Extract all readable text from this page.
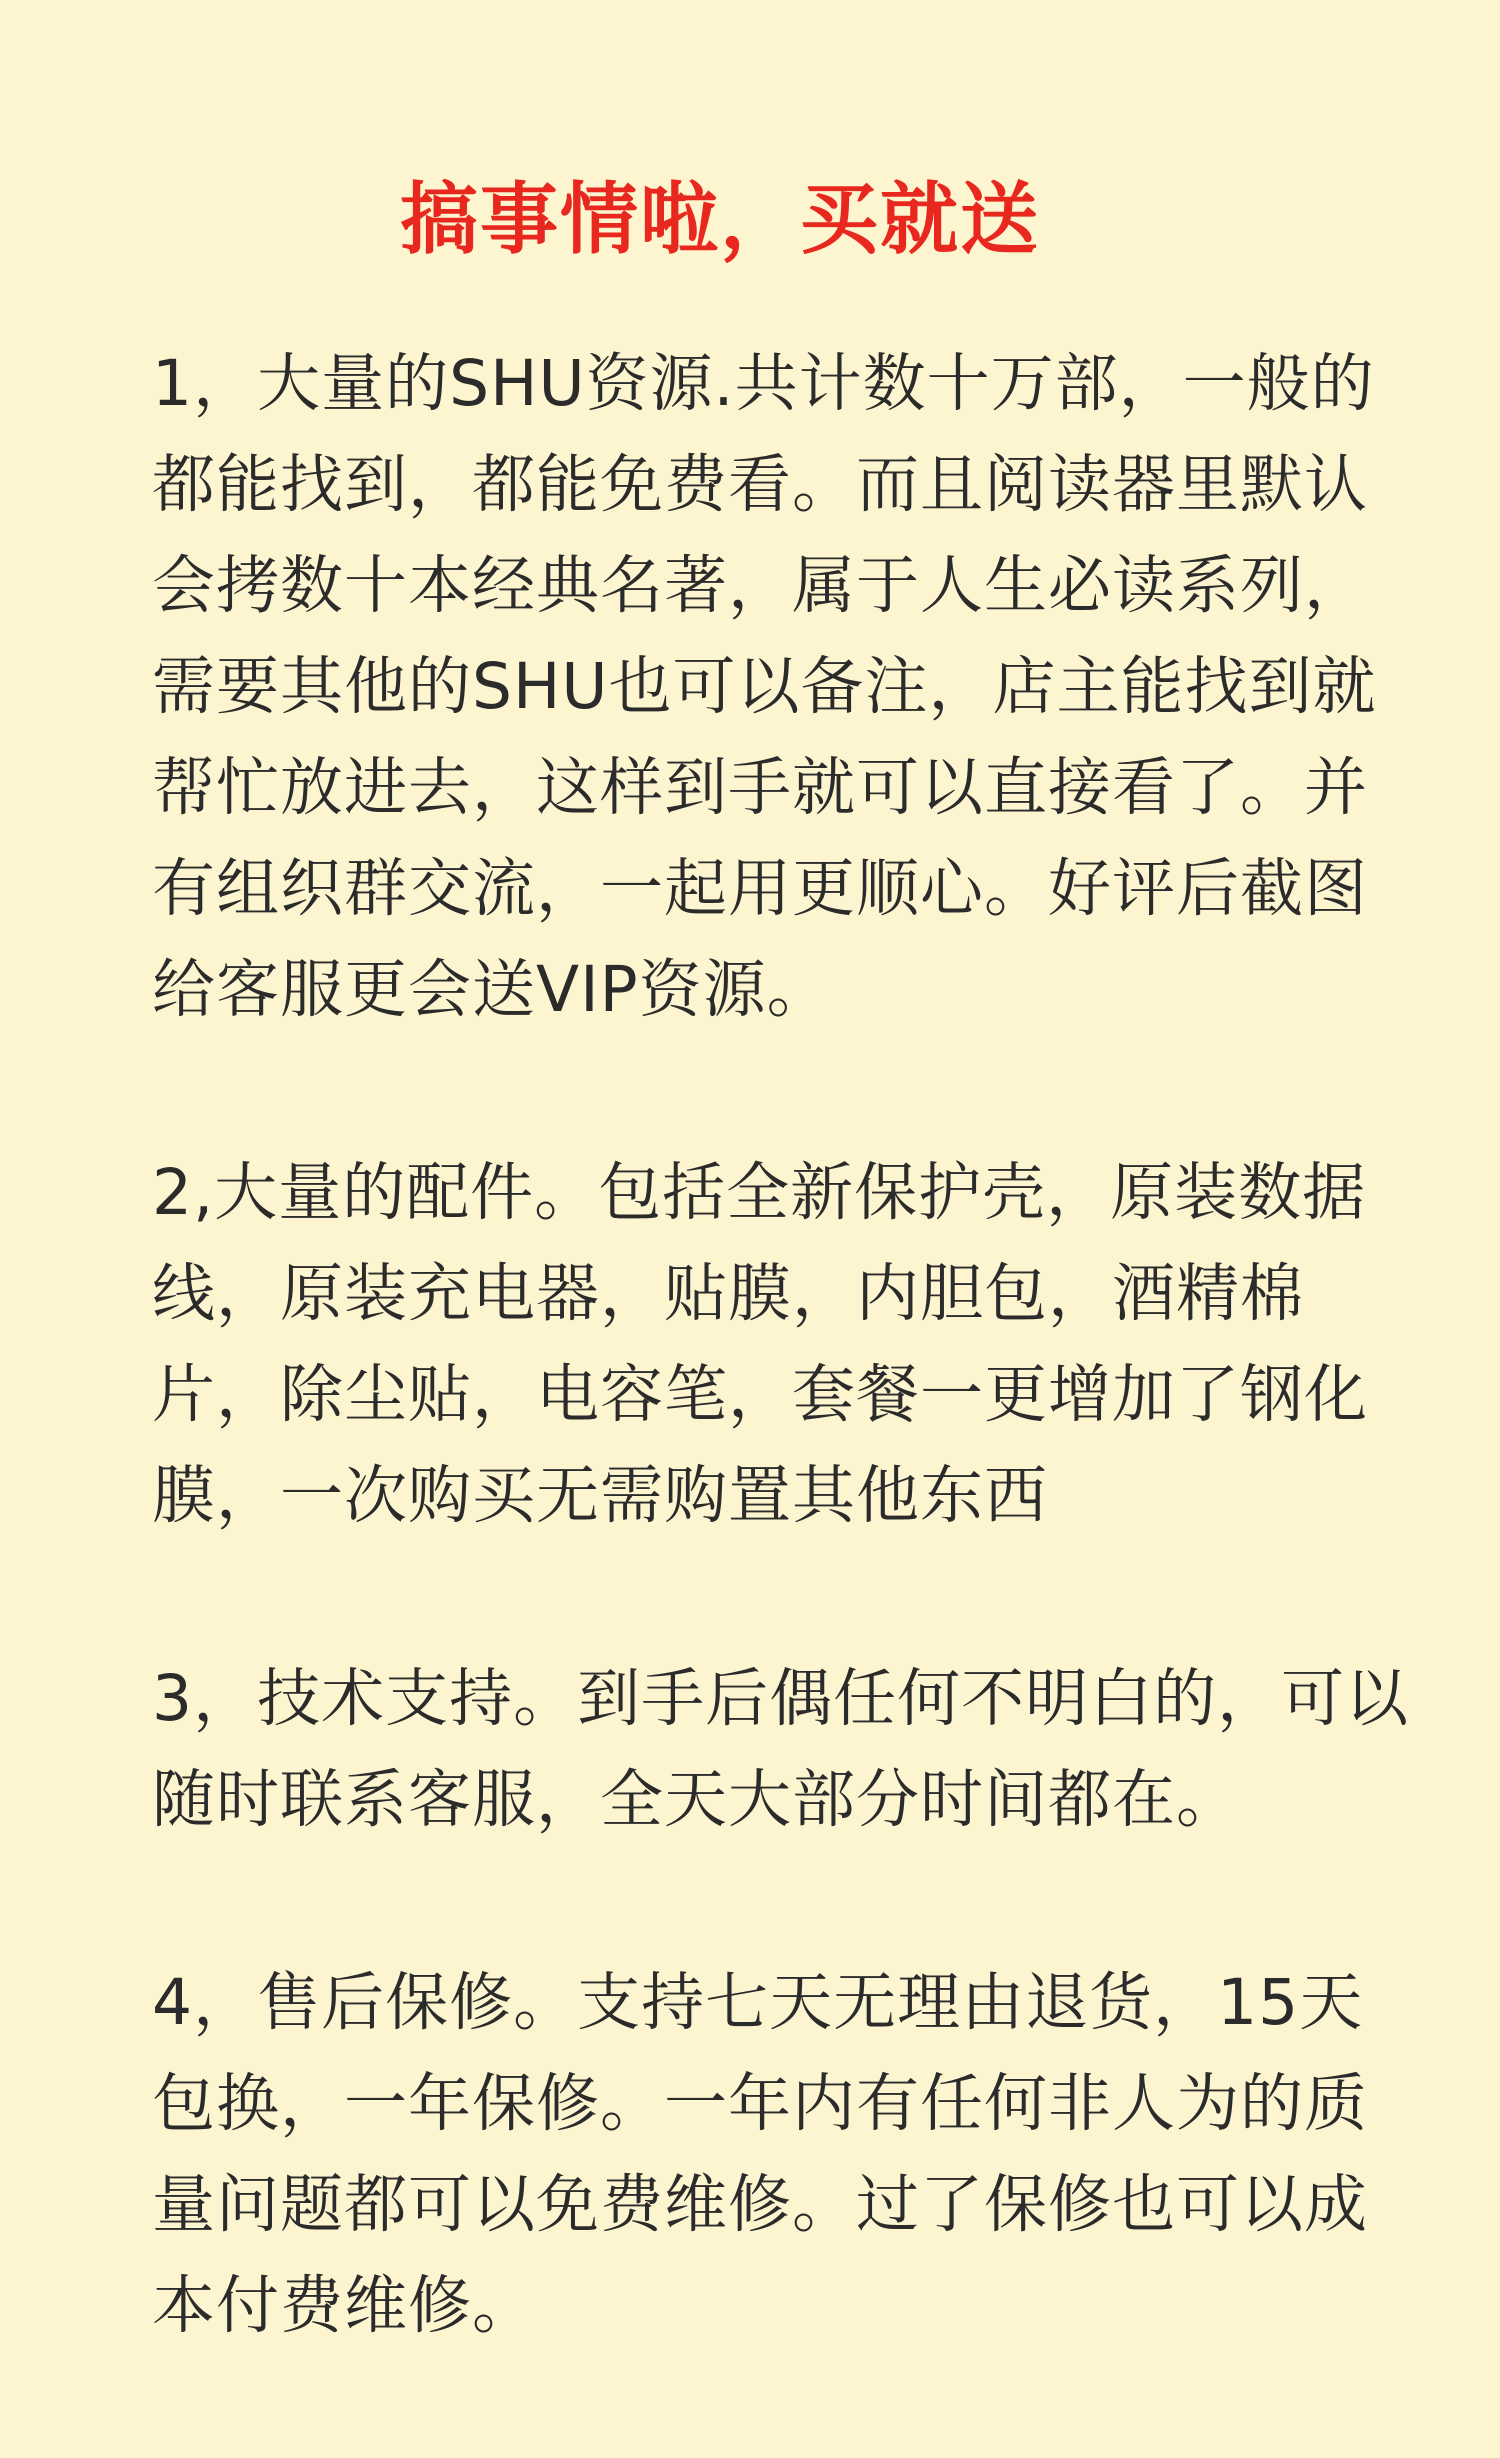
搞事情啦，买就送

1，大量的SHU资源.共计数十万部，一般的都能找到，都能免费看。而且阅读器里默认会拷数十本经典名著，属于人生必读系列，需要其他的SHU也可以备注，店主能找到就帮忙放进去，这样到手就可以直接看了。并有组织群交流，一起用更顺心。好评后截图给客服更会送VIP资源。

2,大量的配件。包括全新保护壳，原装数据线，原装充电器，贴膜，内胆包，酒精棉片，除尘贴，电容笔，套餐一更增加了钢化膜，一次购买无需购置其他东西

3，技术支持。到手后偶任何不明白的，可以随时联系客服，全天大部分时间都在。

4，售后保修。支持七天无理由退货，15天包换，一年保修。一年内有任何非人为的质量问题都可以免费维修。过了保修也可以成本付费维修。
